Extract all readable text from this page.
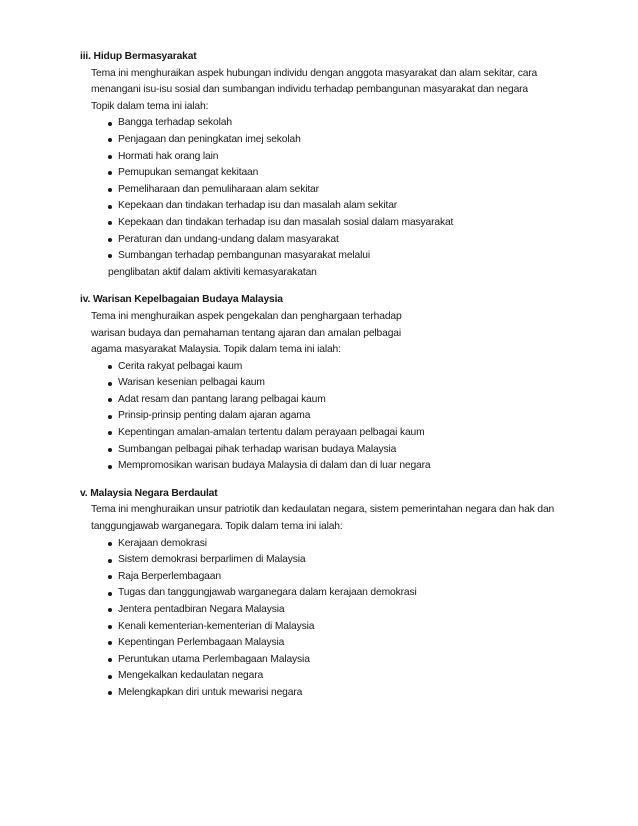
iii. Hidup Bermasyarakat
Tema ini menghuraikan aspek hubungan individu dengan anggota masyarakat dan alam sekitar, cara
menangani isu-isu sosial dan sumbangan individu terhadap pembangunan masyarakat dan negara
Topik dalam tema ini ialah:
Bangga terhadap sekolah
Penjagaan dan peningkatan imej sekolah
Hormati hak orang lain
Pemupukan semangat kekitaan
Pemeliharaan dan pemuliharaan alam sekitar
Kepekaan dan tindakan terhadap isu dan masalah alam sekitar
Kepekaan dan tindakan terhadap isu dan masalah sosial dalam masyarakat
Peraturan dan undang-undang dalam masyarakat
Sumbangan terhadap pembangunan masyarakat melalui
penglibatan aktif dalam aktiviti kemasyarakatan
iv. Warisan Kepelbagaian Budaya Malaysia
Tema ini menghuraikan aspek pengekalan dan penghargaan terhadap
warisan budaya dan pemahaman tentang ajaran dan amalan pelbagai
agama masyarakat Malaysia. Topik dalam tema ini ialah:
Cerita rakyat pelbagai kaum
Warisan kesenian pelbagai kaum
Adat resam dan pantang larang pelbagai kaum
Prinsip-prinsip penting dalam ajaran agama
Kepentingan amalan-amalan tertentu dalam perayaan pelbagai kaum
Sumbangan pelbagai pihak terhadap warisan budaya Malaysia
Mempromosikan warisan budaya Malaysia di dalam dan di luar negara
v. Malaysia Negara Berdaulat
Tema ini menghuraikan unsur patriotik dan kedaulatan negara, sistem pemerintahan negara dan hak dan
tanggungjawab warganegara. Topik dalam tema ini ialah:
Kerajaan demokrasi
Sistem demokrasi berparlimen di Malaysia
Raja Berperlembagaan
Tugas dan tanggungjawab warganegara dalam kerajaan demokrasi
Jentera pentadbiran Negara Malaysia
Kenali kementerian-kementerian di Malaysia
Kepentingan Perlembagaan Malaysia
Peruntukan utama Perlembagaan Malaysia
Mengekalkan kedaulatan negara
Melengkapkan diri untuk mewarisi negara
